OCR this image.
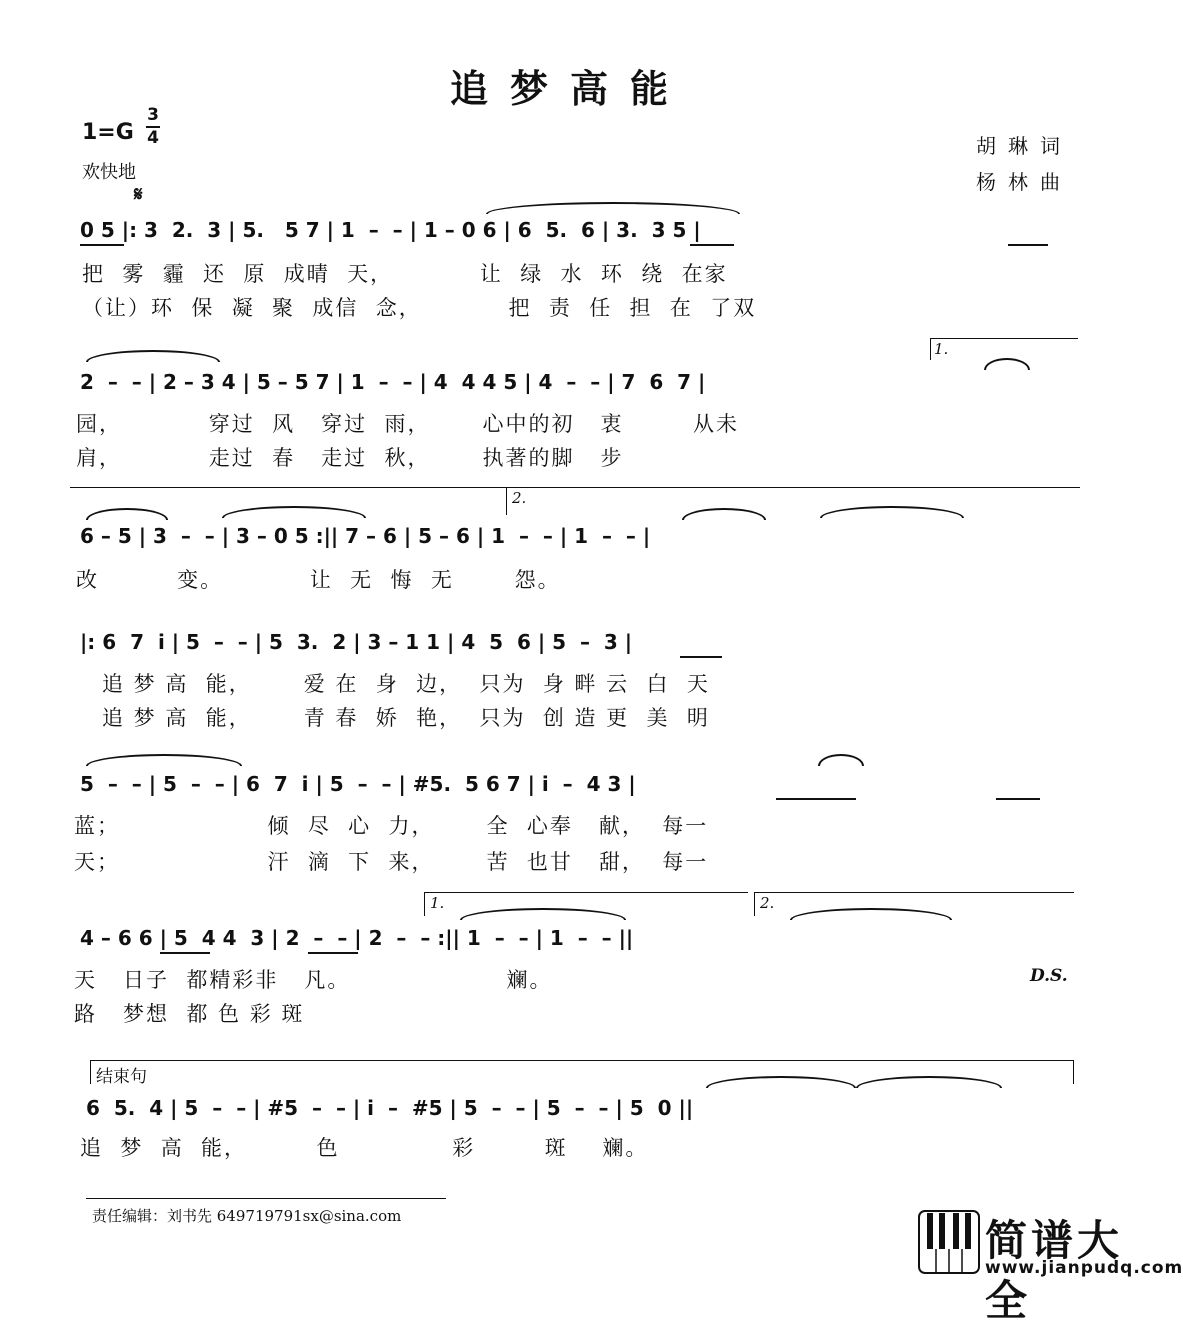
追梦高能
1=G
3
4
欢快地
胡琳词
杨林曲
𝄋
0 5 |: 3  2.  3 | 5.   5 7 | 1  –  – | 1 – 0 6 | 6  5.  6 | 3.  3 5 |
把  雾  霾  还  原  成晴  天，          让  绿  水  环  绕  在家
（让）环  保  凝  聚  成信  念，          把  责  任  担  在  了双
1.
2  –  – | 2 – 3 4 | 5 – 5 7 | 1  –  – | 4  4 4 5 | 4  –  – | 7  6  7 |
园，          穿过  风   穿过  雨，      心中的初   衷        从未
肩，          走过  春   走过  秋，      执著的脚   步
2.
6 – 5 | 3  –  – | 3 – 0 5 :|| 7 – 6 | 5 – 6 | 1  –  – | 1  –  – |
改         变。          让  无  悔  无       怨。
|: 6  7  i | 5  –  – | 5  3.  2 | 3 – 1 1 | 4  5  6 | 5  –  3 |
追 梦 高  能，      爱 在  身  边，  只为  身 畔 云  白  天
追 梦 高  能，      青 春  娇  艳，  只为  创 造 更  美  明
5  –  – | 5  –  – | 6  7  i | 5  –  – | #5.  5 6 7 | i  –  4 3 |
蓝；                 倾  尽  心  力，      全  心奉   献，  每一
天；                 汗  滴  下  来，      苦  也甘   甜，  每一
1.	2.
4 – 6 6 | 5  4 4  3 | 2  –  – | 2  –  – :|| 1  –  – | 1  –  – ||
天   日子  都精彩非   凡。                  斓。
路   梦想  都 色 彩 斑
D.S.
结束句
6  5.  4 | 5  –  – | #5  –  – | i  –  #5 | 5  –  – | 5  –  – | 5  0 ||
追  梦  高  能，        色             彩        斑    斓。
责任编辑：刘书先 649719791sx@sina.com	简谱大全
www.jianpudq.com
